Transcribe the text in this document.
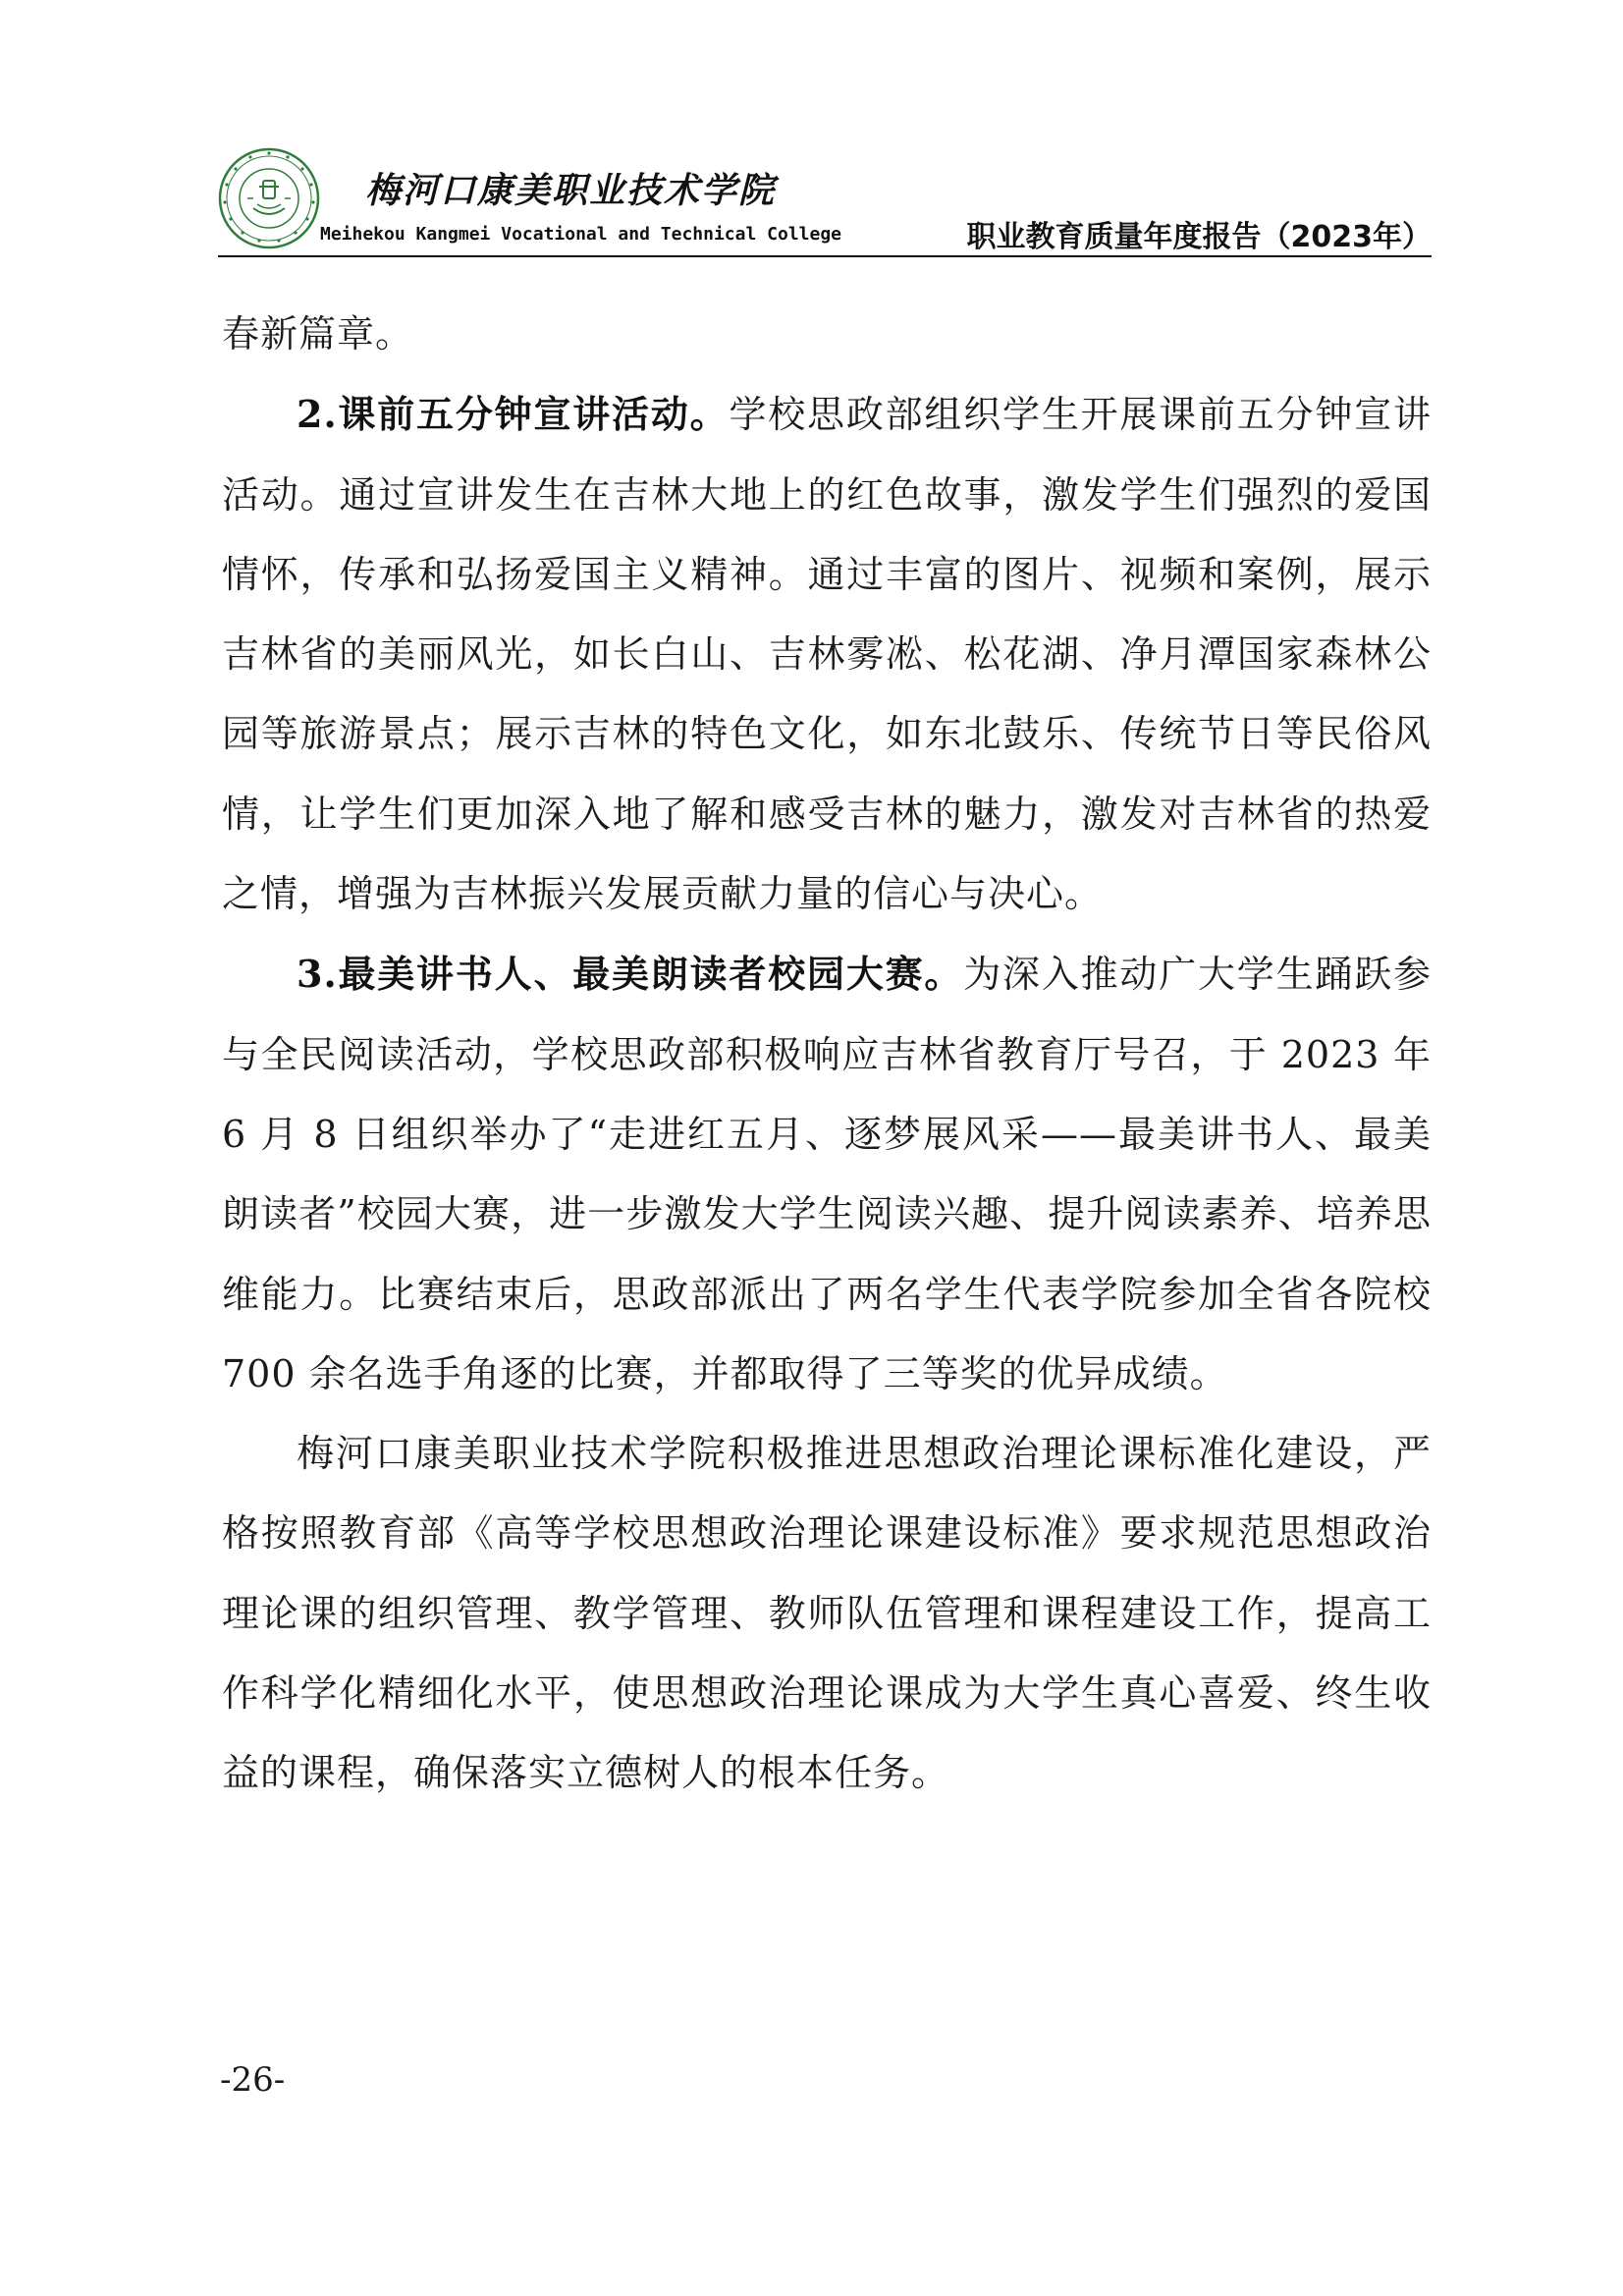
梅河口康美职业技术学院
Meihekou Kangmei Vocational and Technical College	职业教育质量年度报告（2023年）

春新篇章。

2.课前五分钟宣讲活动。学校思政部组织学生开展课前五分钟宣讲活动。通过宣讲发生在吉林大地上的红色故事，激发学生们强烈的爱国情怀，传承和弘扬爱国主义精神。通过丰富的图片、视频和案例，展示吉林省的美丽风光，如长白山、吉林雾凇、松花湖、净月潭国家森林公园等旅游景点；展示吉林的特色文化，如东北鼓乐、传统节日等民俗风情，让学生们更加深入地了解和感受吉林的魅力，激发对吉林省的热爱之情，增强为吉林振兴发展贡献力量的信心与决心。

3.最美讲书人、最美朗读者校园大赛。为深入推动广大学生踊跃参与全民阅读活动，学校思政部积极响应吉林省教育厅号召，于 2023 年 6 月 8 日组织举办了“走进红五月、逐梦展风采——最美讲书人、最美朗读者”校园大赛，进一步激发大学生阅读兴趣、提升阅读素养、培养思维能力。比赛结束后，思政部派出了两名学生代表学院参加全省各院校 700 余名选手角逐的比赛，并都取得了三等奖的优异成绩。

梅河口康美职业技术学院积极推进思想政治理论课标准化建设，严格按照教育部《高等学校思想政治理论课建设标准》要求规范思想政治理论课的组织管理、教学管理、教师队伍管理和课程建设工作，提高工作科学化精细化水平，使思想政治理论课成为大学生真心喜爱、终生收益的课程，确保落实立德树人的根本任务。

-26-
